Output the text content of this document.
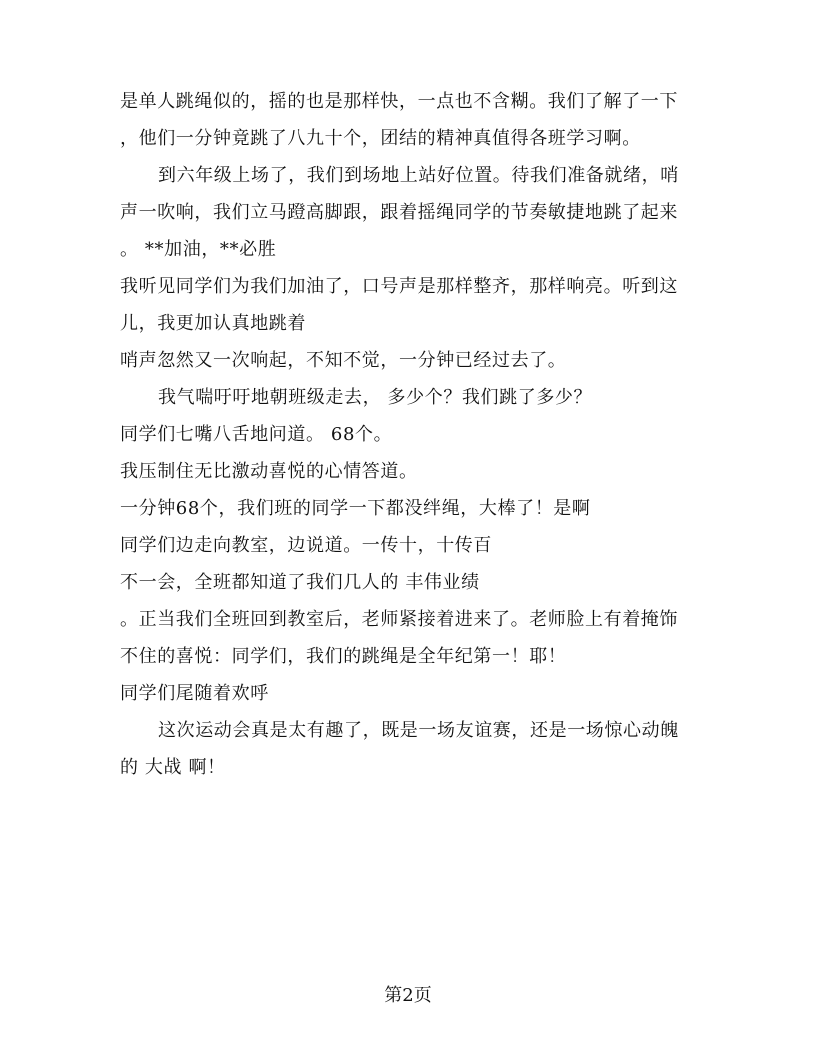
是单人跳绳似的，摇的也是那样快，一点也不含糊。我们了解了一下
，他们一分钟竟跳了八九十个，团结的精神真值得各班学习啊。
到六年级上场了，我们到场地上站好位置。待我们准备就绪，哨
声一吹响，我们立马蹬高脚跟，跟着摇绳同学的节奏敏捷地跳了起来
。 **加油，**必胜
我听见同学们为我们加油了，口号声是那样整齐，那样响亮。听到这
儿，我更加认真地跳着
哨声忽然又一次响起，不知不觉，一分钟已经过去了。
我气喘吁吁地朝班级走去， 多少个？我们跳了多少？
同学们七嘴八舌地问道。 68个。
我压制住无比激动喜悦的心情答道。
一分钟68个，我们班的同学一下都没绊绳，大棒了！是啊
同学们边走向教室，边说道。一传十，十传百
不一会，全班都知道了我们几人的 丰伟业绩
。正当我们全班回到教室后，老师紧接着进来了。老师脸上有着掩饰
不住的喜悦：同学们，我们的跳绳是全年纪第一！耶！
同学们尾随着欢呼
这次运动会真是太有趣了，既是一场友谊赛，还是一场惊心动魄
的 大战 啊！
第2页
